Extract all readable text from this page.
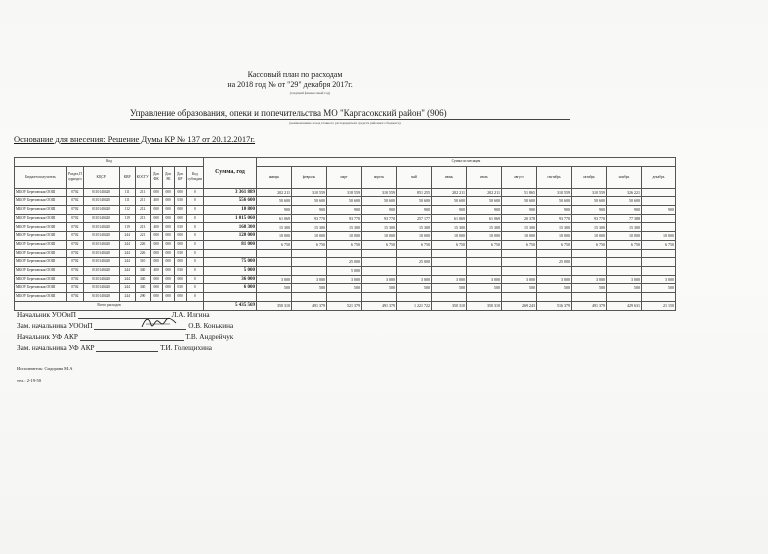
Кассовый план по расходам
на 2018 год № от "29" декабря 2017г.
(текущий финансовый год)
Управление образования, опеки и попечительства МО "Каргасокский район" (906)
(наименование и код главного распорядителя средств районного бюджета)
Основание для внесения: Решение Думы КР № 137 от 20.12.2017г.
Код									Сумма, год	Сумма по месяцам											
Бюджетополучатель	Раздел,П одраздел	КЦСР	КВР	КОСГУ	Доп ФК	Доп ЭК	Доп КР	Код субсидии		январь	февраль	март	апрель	май	июнь	июль	август	сентябрь	октябрь	ноябрь	декабрь
МБОУ Березовская ООШ	0702	0110140420	111	211	000	000	000	0	3 361 889	202 211	310 559	318 559	310 559	851 255	202 211	202 211	51 865	310 559	310 559	326 221	
МБОУ Березовская ООШ	0702	0110140420	111	211	400	000	030	0	556 600	50 600	50 600	50 600	50 600	50 600	50 600	50 600	50 600	50 600	50 600	50 600	
МБОУ Березовская ООШ	0702	0110140420	112	212	000	000	000	0	10 800	900	900	900	900	900	900	900	900	900	900	900	900
МБОУ Березовская ООШ	0702	0110140420	119	213	000	000	000	0	1 015 060	61 069	93 770	93 770	93 770	257 177	61 069	61 069	20 378	93 770	93 770	77 388	
МБОУ Березовская ООШ	0702	0110140420	119	213	400	000	030	0	168 300	15 300	15 300	15 300	15 300	15 300	15 300	15 300	15 300	15 300	15 300	15 300	
МБОУ Березовская ООШ	0702	0110140420	244	221	000	000	000	0	120 000	10 000	10 000	10 000	10 000	10 000	10 000	10 000	10 000	10 000	10 000	10 000	10 000
МБОУ Березовская ООШ	0702	0110140420	244	226	000	000	000	0	81 000	6 750	6 750	6 750	6 750	6 750	6 750	6 750	6 750	6 750	6 750	6 750	6 750
МБОУ Березовская ООШ	0702	0110140420	244	226	000	000	030	0													
МБОУ Березовская ООШ	0702	0110140420	244	310	000	000	000	0	75 000			25 000		25 000				25 000			
МБОУ Березовская ООШ	0702	0110140420	244	340	400	000	030	0	5 000			5 000									
МБОУ Березовская ООШ	0702	0110140420	244	340	000	000	000	0	36 000	3 000	3 000	3 000	3 000	3 000	3 000	3 000	3 000	3 000	3 000	3 000	3 000
МБОУ Березовская ООШ	0702	0110140420	244	340	000	000	030	0	6 000	500	500	500	500	500	500	500	500	500	500	500	500
МБОУ Березовская ООШ	0702	0110140420	244	290	000	000	000	0													
Всего расходов									5 435 569	350 310	491 379	521 379	491 379	1 221 722	350 310	350 310	269 243	516 379	491 379	429 631	21 150
Начальник УООиП	Л.А. Илгина
Зам. начальника УООиП	О.В. Конькина
Начальник УФ АКР	Т.В. Андрейчук
Зам. начальника УФ АКР	Т.И. Голещихина
Исполнитель: Сидорова М.А
тел.: 2-19-50
